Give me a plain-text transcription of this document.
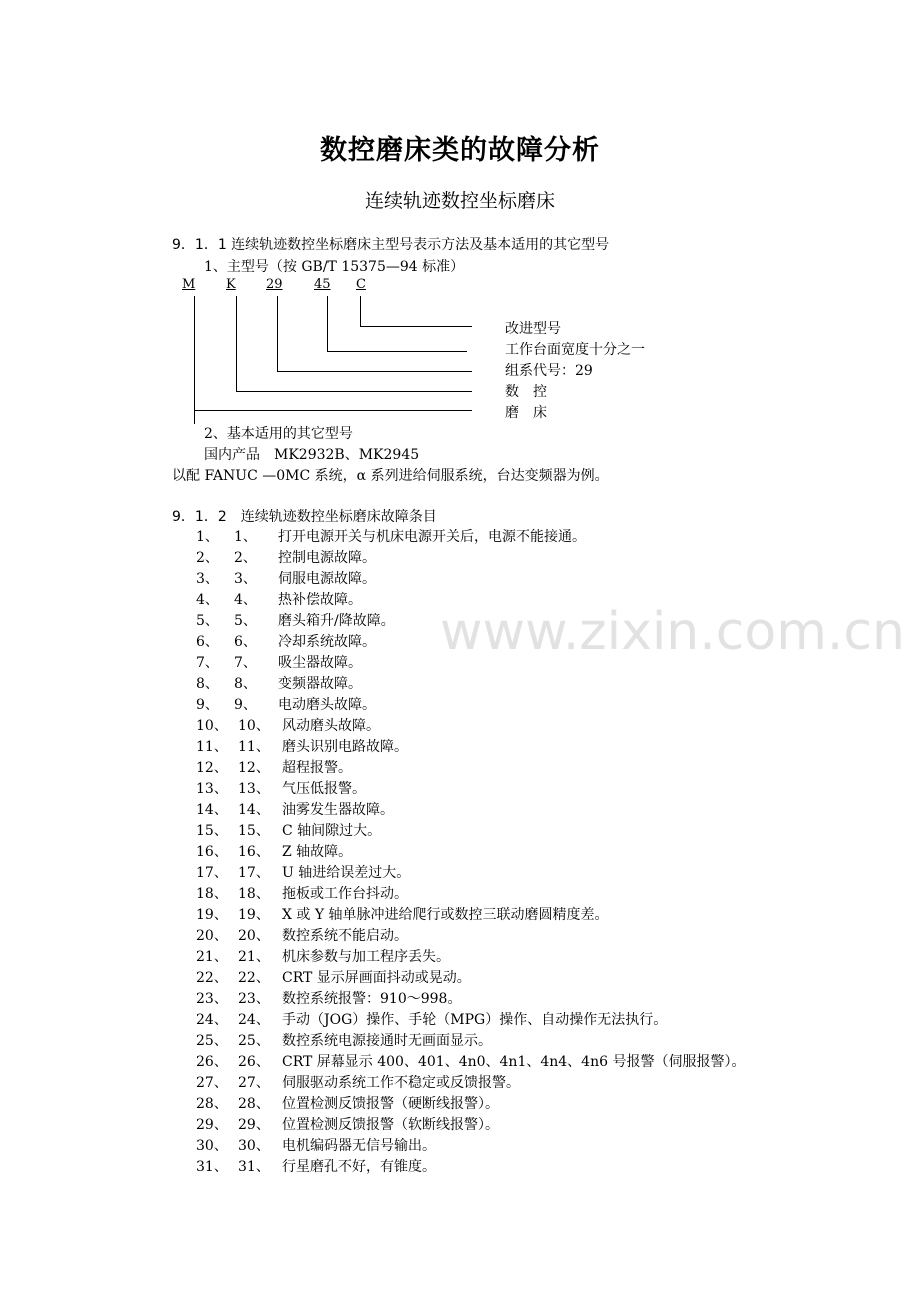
数控磨床类的故障分析
连续轨迹数控坐标磨床
9．1．1 连续轨迹数控坐标磨床主型号表示方法及基本适用的其它型号
1、主型号（按 GB/T 15375—94 标准）
M K 29 45 C
改进型号
工作台面宽度十分之一
组系代号：29
数　控
磨　床
2、基本适用的其它型号
国内产品　MK2932B、MK2945
以配 FANUC —0MC 系统，α 系列进给伺服系统，台达变频器为例。
9．1．2　连续轨迹数控坐标磨床故障条目
1、 1、 打开电源开关与机床电源开关后，电源不能接通。
2、 2、 控制电源故障。
3、 3、 伺服电源故障。
4、 4、 热补偿故障。
5、 5、 磨头箱升/降故障。
6、 6、 冷却系统故障。
7、 7、 吸尘器故障。
8、 8、 变频器故障。
9、 9、 电动磨头故障。
10、 10、 风动磨头故障。
11、 11、 磨头识别电路故障。
12、 12、 超程报警。
13、 13、 气压低报警。
14、 14、 油雾发生器故障。
15、 15、 C 轴间隙过大。
16、 16、 Z 轴故障。
17、 17、 U 轴进给误差过大。
18、 18、 拖板或工作台抖动。
19、 19、 X 或 Y 轴单脉冲进给爬行或数控三联动磨圆精度差。
20、 20、 数控系统不能启动。
21、 21、 机床参数与加工程序丢失。
22、 22、 CRT 显示屏画面抖动或晃动。
23、 23、 数控系统报警：910～998。
24、 24、 手动（JOG）操作、手轮（MPG）操作、自动操作无法执行。
25、 25、 数控系统电源接通时无画面显示。
26、 26、 CRT 屏幕显示 400、401、4n0、4n1、4n4、4n6 号报警（伺服报警）。
27、 27、 伺服驱动系统工作不稳定或反馈报警。
28、 28、 位置检测反馈报警（硬断线报警）。
29、 29、 位置检测反馈报警（软断线报警）。
30、 30、 电机编码器无信号输出。
31、 31、 行星磨孔不好，有锥度。
www.zixin.com.cn
